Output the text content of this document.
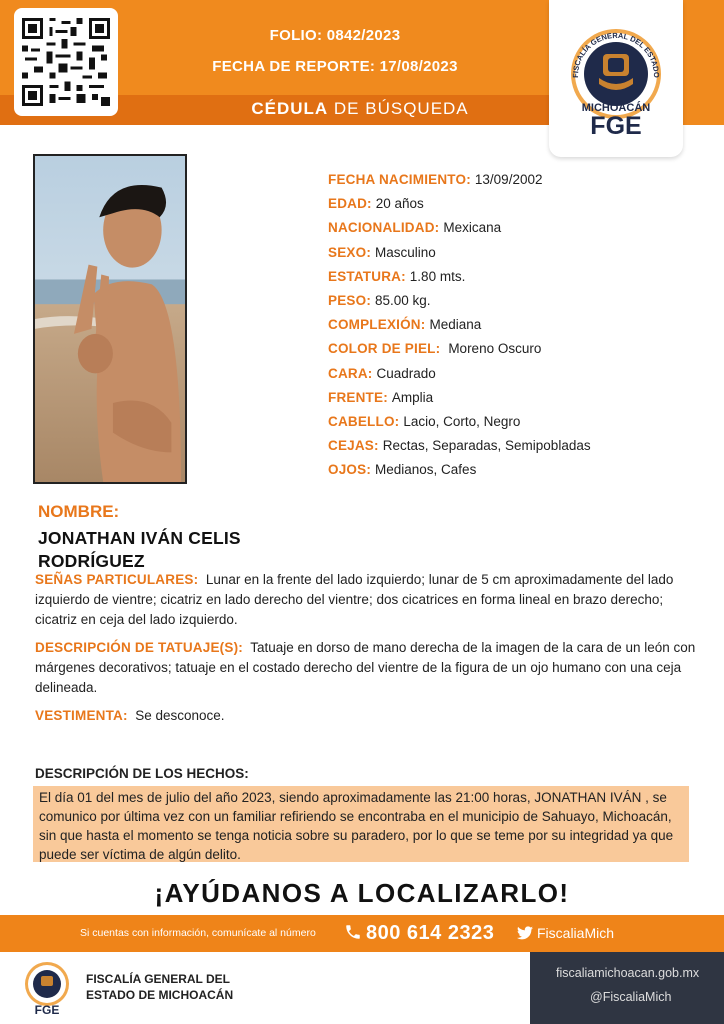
FOLIO: 0842/2023
FECHA DE REPORTE: 17/08/2023
CÉDULA DE BÚSQUEDA
FISCALÍA GENERAL DEL ESTADO
MICHOACÁN
FGE
FECHA NACIMIENTO: 13/09/2002
EDAD: 20 años
NACIONALIDAD: Mexicana
SEXO: Masculino
ESTATURA: 1.80 mts.
PESO: 85.00 kg.
COMPLEXIÓN: Mediana
COLOR DE PIEL: Moreno Oscuro
CARA: Cuadrado
FRENTE: Amplia
CABELLO: Lacio, Corto, Negro
CEJAS: Rectas, Separadas, Semipobladas
OJOS: Medianos, Cafes
NOMBRE:
JONATHAN IVÁN CELIS
RODRÍGUEZ
SEÑAS PARTICULARES: Lunar en la frente del lado izquierdo; lunar de 5 cm aproximadamente del lado izquierdo de vientre; cicatriz en lado derecho del vientre; dos cicatrices en forma lineal en brazo derecho; cicatriz en ceja del lado izquierdo.
DESCRIPCIÓN DE TATUAJE(S): Tatuaje en dorso de mano derecha de la imagen de la cara de un león con márgenes decorativos; tatuaje en el costado derecho del vientre de la figura de un ojo humano con una ceja delineada.
VESTIMENTA: Se desconoce.
DESCRIPCIÓN DE LOS HECHOS:
El día 01 del mes de julio del año 2023, siendo aproximadamente las 21:00 horas, JONATHAN IVÁN , se comunico por última vez con un familiar refiriendo se encontraba en el municipio de Sahuayo, Michoacán, sin que hasta el momento se tenga noticia sobre su paradero, por lo que se teme por su integridad ya que puede ser víctima de algún delito.
¡AYÚDANOS A LOCALIZARLO!
Si cuentas con información, comunícate al número	800 614 2323	FiscaliaMich
FGE
FISCALÍA GENERAL DEL
ESTADO DE MICHOACÁN
fiscaliamichoacan.gob.mx
@FiscaliaMich
